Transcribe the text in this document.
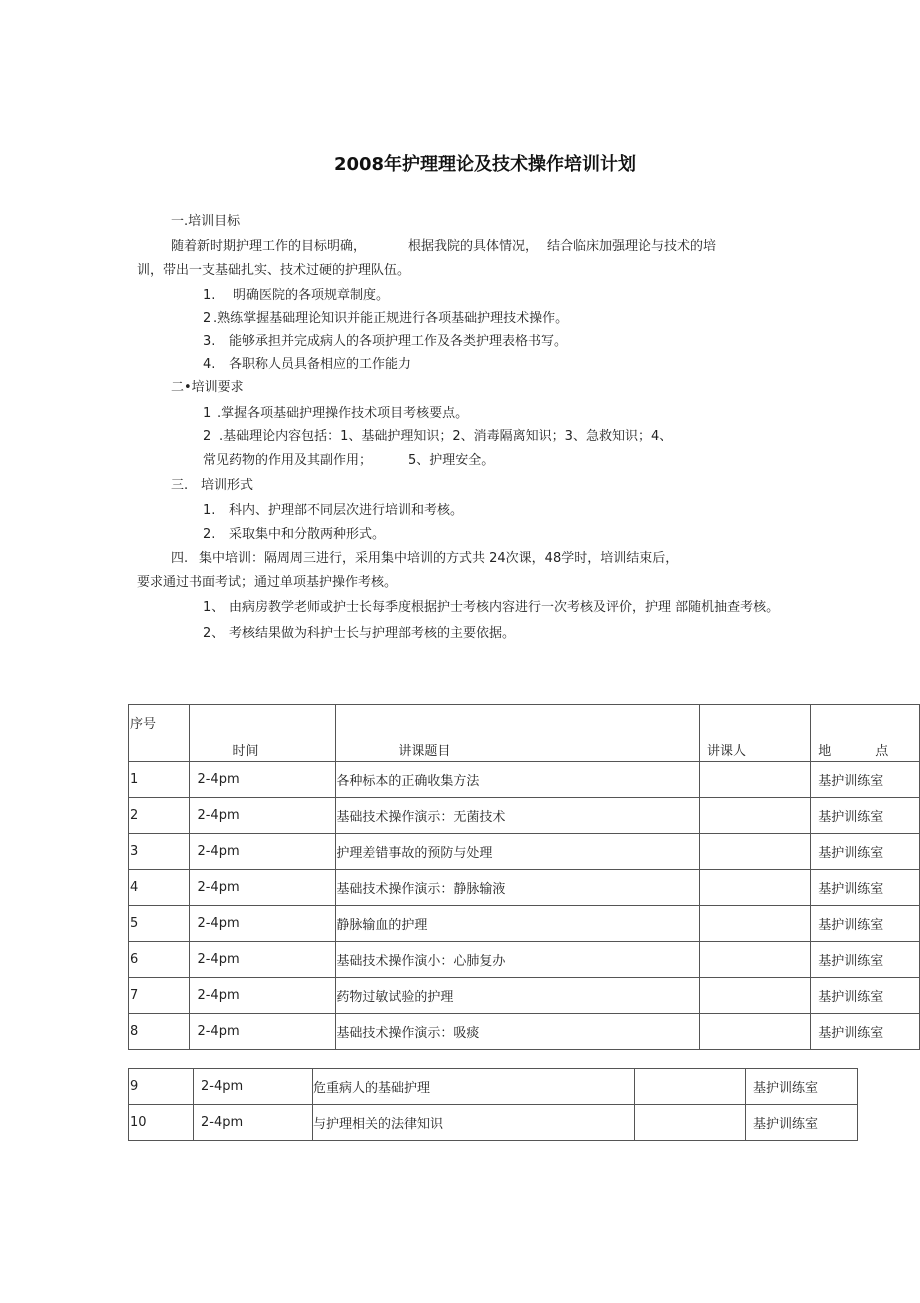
2008年护理理论及技术操作培训计划
一.培训目标
随着新时期护理工作的目标明确，	根据我院的具体情况， 结合临床加强理论与技术的培
训，带出一支基础扎实、技术过硬的护理队伍。
1. 明确医院的各项规章制度。
2 .熟练掌握基础理论知识并能正规进行各项基础护理技术操作。
3. 能够承担并完成病人的各项护理工作及各类护理表格书写。
4. 各职称人员具备相应的工作能力
二•培训要求
1 .掌握各项基础护理操作技术项目考核要点。
2 .基础理论内容包括：1、基础护理知识；2、消毒隔离知识；3、急救知识；4、
常见药物的作用及其副作用；	5、护理安全。
三. 培训形式
1. 科内、护理部不同层次进行培训和考核。
2. 采取集中和分散两种形式。
四. 集中培训：隔周周三进行，采用集中培训的方式共 24次课，48学时，培训结束后，
要求通过书面考试；通过单项基护操作考核。
1、 由病房教学老师或护士长每季度根据护士考核内容进行一次考核及评价，护理 部随机抽查考核。
2、 考核结果做为科护士长与护理部考核的主要依据。
序号	时间	讲课题目	讲课人	地 点
1	2-4pm	各种标本的正确收集方法		基护训练室
2	2-4pm	基础技术操作演示：无菌技术		基护训练室
3	2-4pm	护理差错事故的预防与处理		基护训练室
4	2-4pm	基础技术操作演示：静脉输液		基护训练室
5	2-4pm	静脉输血的护理		基护训练室
6	2-4pm	基础技术操作演小：心肺复办		基护训练室
7	2-4pm	药物过敏试验的护理		基护训练室
8	2-4pm	基础技术操作演示：吸痰		基护训练室
9	2-4pm	危重病人的基础护理		基护训练室
10	2-4pm	与护理相关的法律知识		基护训练室
